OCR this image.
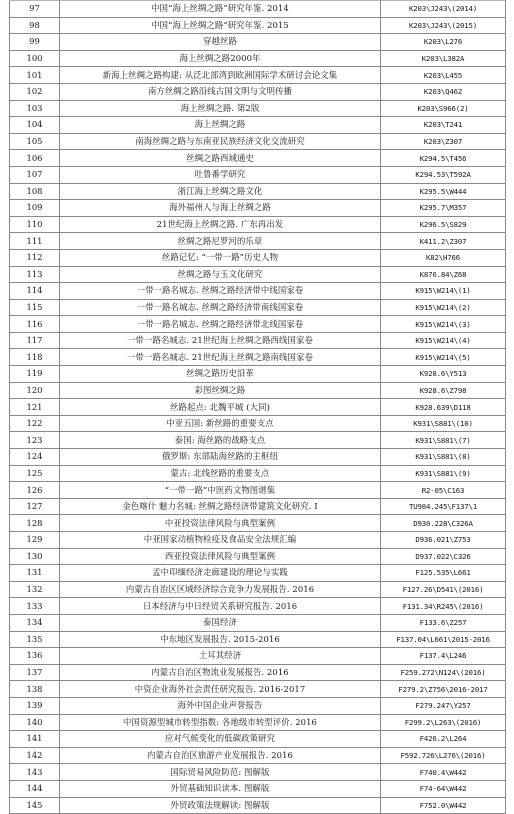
97	中国“海上丝绸之路”研究年鉴. 2014	K203\J243\(2014)
98	中国“海上丝绸之路”研究年鉴. 2015	K203\J243\(2015)
99	穿越丝路	K203\L276
100	海上丝绸之路2000年	K203\L382A
101	新海上丝绸之路构建: 从泛北部湾到欧洲国际学术研讨会论文集	K203\L455
102	南方丝绸之路沿线古国文明与文明传播	K203\Q462
103	海上丝绸之路. 第2版	K203\S966(2)
104	海上丝绸之路	K203\T241
105	南海丝绸之路与东南亚民族经济文化交流研究	K203\Z307
106	丝绸之路西域通史	K294.5\T456
107	吐鲁番学研究	K294.53\T592A
108	浙江海上丝绸之路文化	K295.5\W444
109	海外福州人与海上丝绸之路	K295.7\M357
110	21世纪海上丝绸之路. 广东再出发	K296.5\S829
111	丝绸之路尼罗河的乐章	K411.2\Z307
112	丝路记忆: “一带一路”历史人物	K82\H766
113	丝绸之路与玉文化研究	K876.84\Z68
114	一带一路名城志. 丝绸之路经济带中线国家卷	K915\W214\(1)
115	一带一路名城志. 丝绸之路经济带南线国家卷	K915\W214\(2)
116	一带一路名城志. 丝绸之路经济带北线国家卷	K915\W214\(3)
117	一带一路名城志. 21世纪海上丝绸之路西线国家卷	K915\W214\(4)
118	一带一路名城志. 21世纪海上丝绸之路南线国家卷	K915\W214\(5)
119	丝绸之路历史沿革	K928.6\Y513
120	彩图丝绸之路	K928.6\Z798
121	丝路起点: 北魏平城 (大同)	K928.639\D118
122	中亚五国: 新丝路的重要支点	K931\S881\(10)
123	泰国: 海丝路的战略支点	K931\S881\(7)
124	俄罗斯: 东部陆海丝路的主枢纽	K931\S881\(8)
125	蒙古: 北线丝路的重要支点	K931\S881\(9)
126	“一带一路”中医药文物图谱集	R2-05\C163
127	金色喀什 魅力名城: 丝绸之路经济带建筑文化研究. I	TU984.245\F137\1
128	中亚投资法律风险与典型案例	D930.228\C326A
129	中亚国家动植物检疫及食品安全法规汇编	D936.021\Z753
130	西亚投资法律风险与典型案例	D937.022\C326
131	孟中印缅经济走廊建设的理论与实践	F125.535\L661
132	内蒙古自治区区域经济综合竞争力发展报告. 2016	F127.26\D541\(2016)
133	日本经济与中日经贸关系研究报告. 2016	F131.34\R245\(2016)
134	泰国经济	F133.6\Z257
135	中东地区发展报告. 2015-2016	F137.04\L661\2015-2016
136	土耳其经济	F137.4\L246
137	内蒙古自治区物流业发展报告. 2016	F259.272\N124\(2016)
138	中资企业海外社会责任研究报告. 2016-2017	F279.2\Z756\2016-2017
139	海外中国企业声誉报告	F279.247\Y257
140	中国资源型城市转型指数: 各地级市转型评价. 2016	F299.2\L263\(2016)
141	应对气候变化的低碳政策研究	F426.2\L264
142	内蒙古自治区旅游产业发展报告. 2016	F592.726\L276\(2016)
143	国际贸易风险防范: 图解版	F740.4\W442
144	外贸基础知识读本. 图解版	F74-64\W442
145	外贸政策法规解读: 图解版	F752.0\W442
